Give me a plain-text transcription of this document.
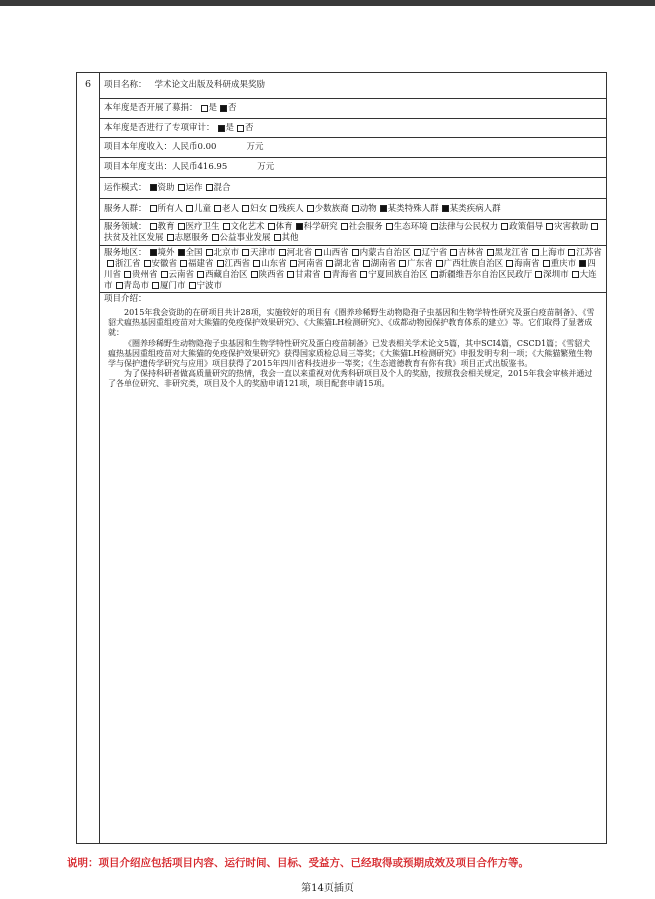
6	项目名称： 学术论文出版及科研成果奖励
本年度是否开展了募捐： 是 否
本年度是否进行了专项审计： 是 否
项目本年度收入：人民币0.00	万元
项目本年度支出：人民币416.95	万元
运作模式：	资助 运作 混合
服务人群：	所有人 儿童 老人 妇女 残疾人 少数族裔 动物 某类特殊人群 某类疾病人群
服务领域： 教育 医疗卫生 文化艺术 体育 科学研究 社会服务 生态环境 法律与公民权力 政策倡导 灾害救助扶贫及社区发展 志愿服务 公益事业发展 其他
服务地区： 境外 全国 北京市 天津市 河北省 山西省 内蒙古自治区 辽宁省 吉林省 黑龙江省 上海市 江苏省浙江省 安徽省 福建省 江西省 山东省 河南省 湖北省 湖南省 广东省 广西壮族自治区 海南省 重庆市 四川省 贵州省 云南省 西藏自治区 陕西省 甘肃省 青海省 宁夏回族自治区 新疆维吾尔自治区民政厅 深圳市 大连市 青岛市 厦门市 宁波市
项目介绍：

2015年我会资助的在研项目共计28项，实施较好的项目有《圈养珍稀野生动物隐孢子虫基因和生物学特性研究及蛋白疫苗制备》、《雪貂犬瘟热基因重组疫苗对大熊猫的免疫保护效果研究》、《大熊猫LH检测研究》、《成都动物园保护教育体系的建立》等。它们取得了显著成就：

《圈养珍稀野生动物隐孢子虫基因和生物学特性研究及蛋白疫苗制备》已发表相关学术论文5篇，其中SCI4篇，CSCD1篇；《雪貂犬瘟热基因重组疫苗对大熊猫的免疫保护效果研究》获得国家质检总局三等奖；《大熊猫LH检测研究》申报发明专利一项；《大熊猫繁殖生物学与保护遗传学研究与应用》项目获得了2015年四川省科技进步一等奖；《生态道德教育有你有我》项目正式出版鉴书。

为了保持科研者做高质量研究的热情，我会一直以来重视对优秀科研项目及个人的奖励，按照我会相关规定，2015年我会审核并通过了各单位研究、非研究类，项目及个人的奖励申请121项，项目配套申请15项。

说明：项目介绍应包括项目内容、运行时间、目标、受益方、已经取得或预期成效及项目合作方等。
第14页插页
